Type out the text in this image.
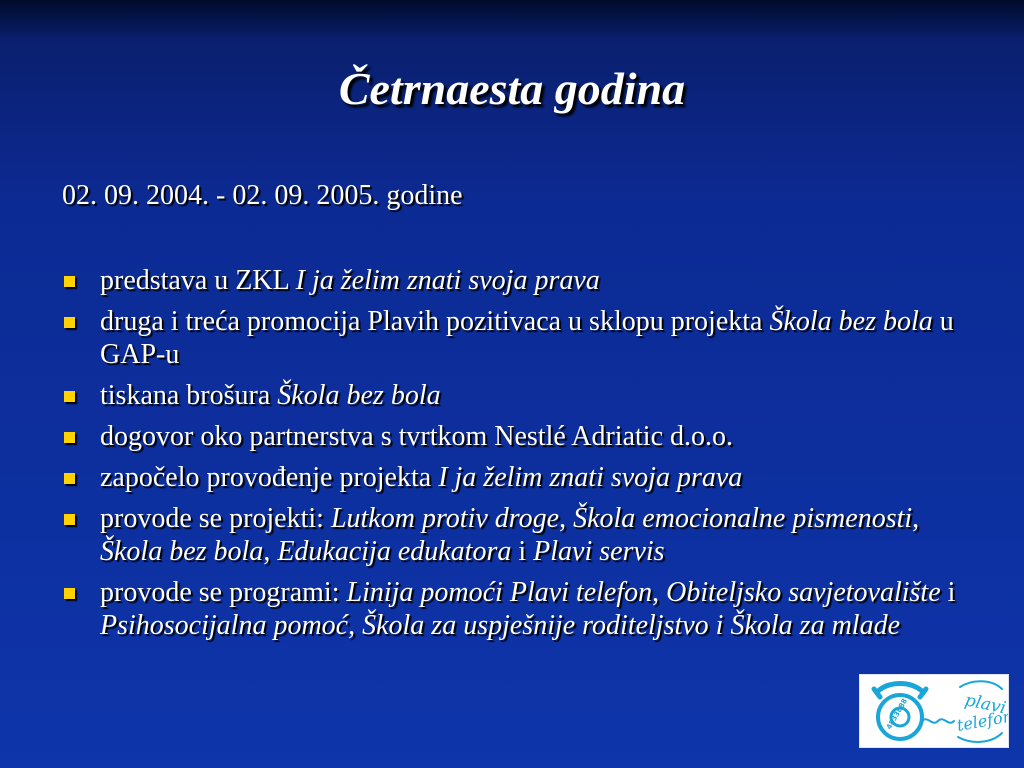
Četrnaesta godina

02. 09. 2004. - 02. 09. 2005. godine

predstava u ZKL I ja želim znati svoja prava
druga i treća promocija Plavih pozitivaca u sklopu projekta Škola bez bola u GAP-u
tiskana brošura Škola bez bola
dogovor oko partnerstva s tvrtkom Nestlé Adriatic d.o.o.
započelo provođenje projekta I ja želim znati svoja prava
provode se projekti: Lutkom protiv droge, Škola emocionalne pismenosti, Škola bez bola, Edukacija edukatora i Plavi servis
provode se programi: Linija pomoći Plavi telefon, Obiteljsko savjetovalište i Psihosocijalna pomoć, Škola za uspješnije roditeljstvo i Škola za mlade
4833888	plavi
telefon
